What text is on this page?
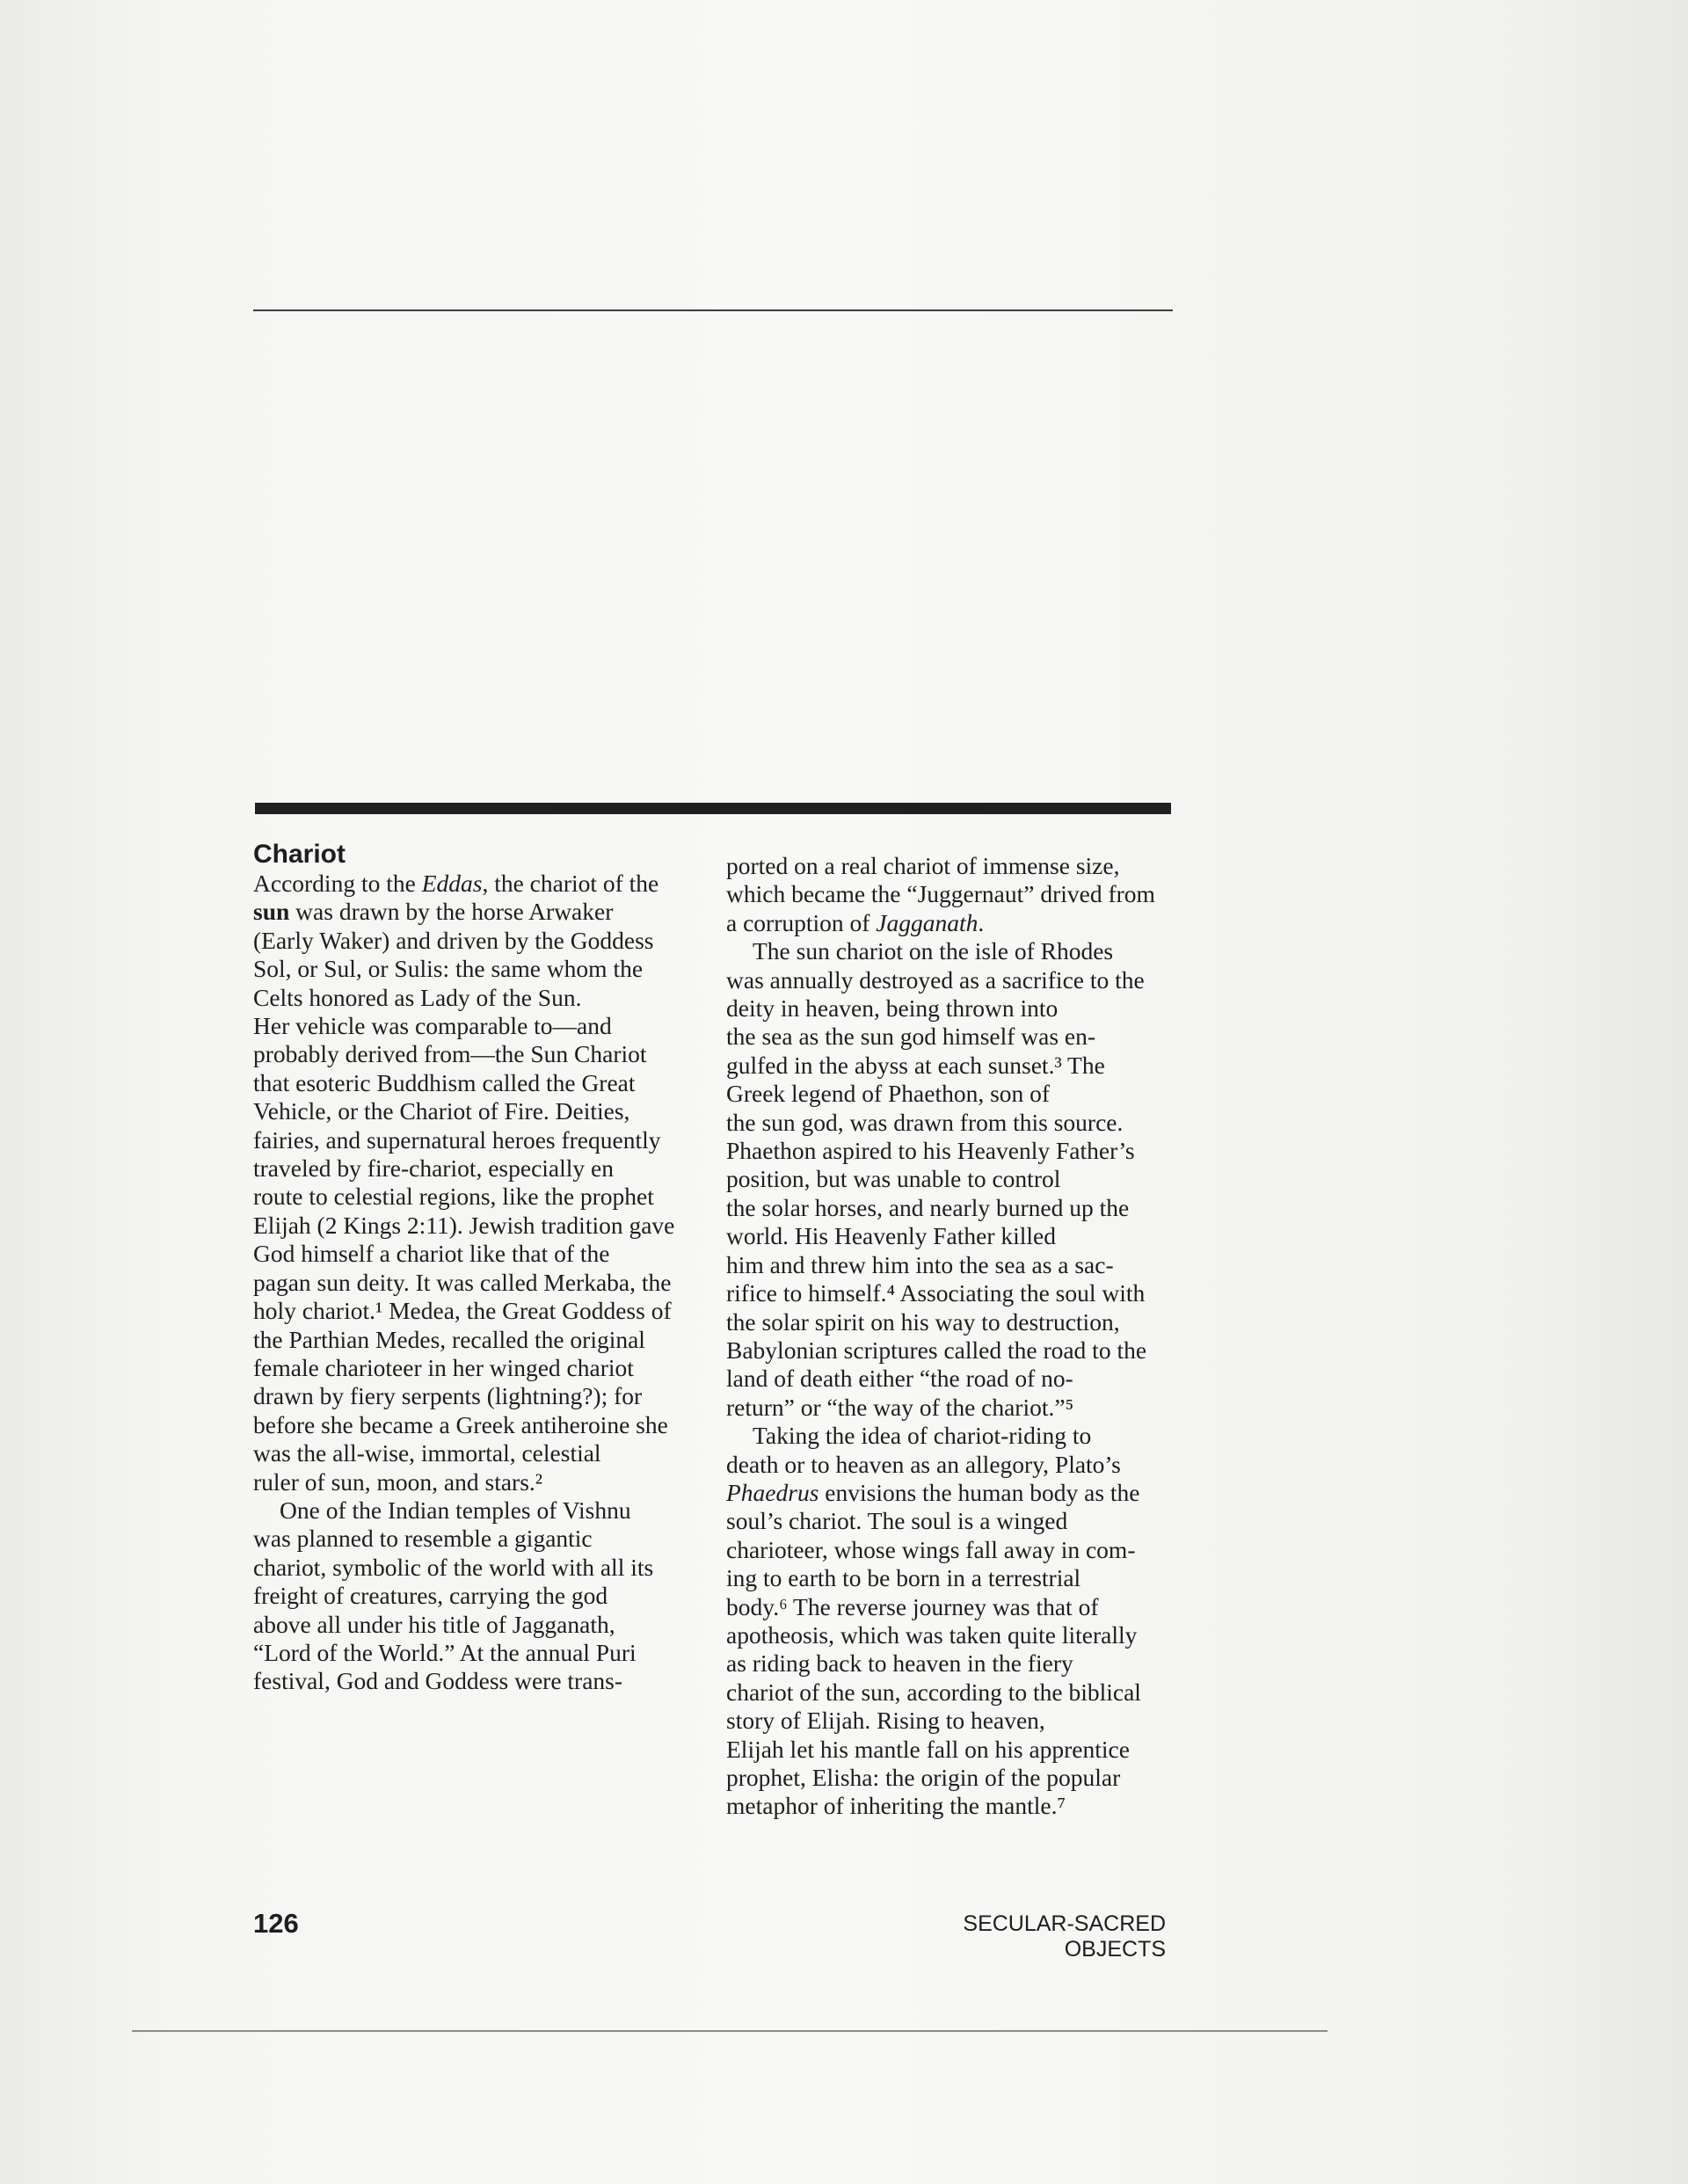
Chariot
According to the Eddas, the chariot of the
sun was drawn by the horse Arwaker
(Early Waker) and driven by the Goddess
Sol, or Sul, or Sulis: the same whom the
Celts honored as Lady of the Sun.
Her vehicle was comparable to—and
probably derived from—the Sun Chariot
that esoteric Buddhism called the Great
Vehicle, or the Chariot of Fire. Deities,
fairies, and supernatural heroes frequently
traveled by fire-chariot, especially en
route to celestial regions, like the prophet
Elijah (2 Kings 2:11). Jewish tradition gave
God himself a chariot like that of the
pagan sun deity. It was called Merkaba, the
holy chariot.¹ Medea, the Great Goddess of
the Parthian Medes, recalled the original
female charioteer in her winged chariot
drawn by fiery serpents (lightning?); for
before she became a Greek antiheroine she
was the all-wise, immortal, celestial
ruler of sun, moon, and stars.²
One of the Indian temples of Vishnu
was planned to resemble a gigantic
chariot, symbolic of the world with all its
freight of creatures, carrying the god
above all under his title of Jagganath,
“Lord of the World.” At the annual Puri
festival, God and Goddess were trans-
ported on a real chariot of immense size,
which became the “Juggernaut” drived from
a corruption of Jagganath.
The sun chariot on the isle of Rhodes
was annually destroyed as a sacrifice to the
deity in heaven, being thrown into
the sea as the sun god himself was en-
gulfed in the abyss at each sunset.³ The
Greek legend of Phaethon, son of
the sun god, was drawn from this source.
Phaethon aspired to his Heavenly Father’s
position, but was unable to control
the solar horses, and nearly burned up the
world. His Heavenly Father killed
him and threw him into the sea as a sac-
rifice to himself.⁴ Associating the soul with
the solar spirit on his way to destruction,
Babylonian scriptures called the road to the
land of death either “the road of no-
return” or “the way of the chariot.”⁵
Taking the idea of chariot-riding to
death or to heaven as an allegory, Plato’s
Phaedrus envisions the human body as the
soul’s chariot. The soul is a winged
charioteer, whose wings fall away in com-
ing to earth to be born in a terrestrial
body.⁶ The reverse journey was that of
apotheosis, which was taken quite literally
as riding back to heaven in the fiery
chariot of the sun, according to the biblical
story of Elijah. Rising to heaven,
Elijah let his mantle fall on his apprentice
prophet, Elisha: the origin of the popular
metaphor of inheriting the mantle.⁷
126	SECULAR-SACRED OBJECTS
